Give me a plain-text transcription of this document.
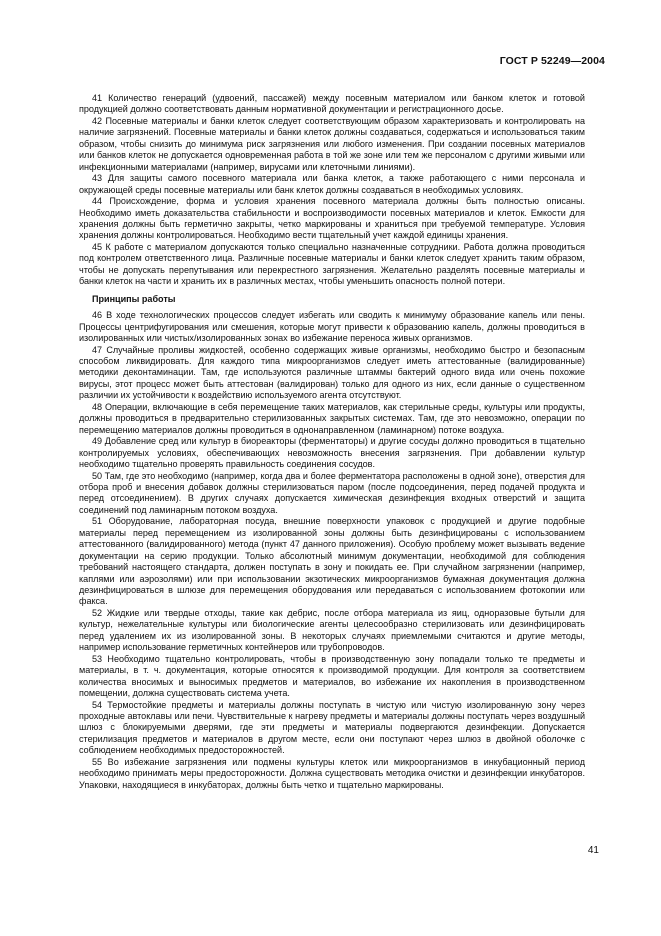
ГОСТ Р 52249—2004

41 Количество генераций (удвоений, пассажей) между посевным материалом или банком клеток и готовой продукцией должно соответствовать данным нормативной документации и регистрационного досье.

42 Посевные материалы и банки клеток следует соответствующим образом характеризовать и контролировать на наличие загрязнений. Посевные материалы и банки клеток должны создаваться, содержаться и использоваться таким образом, чтобы снизить до минимума риск загрязнения или любого изменения. При создании посевных материалов или банков клеток не допускается одновременная работа в той же зоне или тем же персоналом с другими живыми или инфекционными материалами (например, вирусами или клеточными линиями).

43 Для защиты самого посевного материала или банка клеток, а также работающего с ними персонала и окружающей среды посевные материалы или банк клеток должны создаваться в необходимых условиях.

44 Происхождение, форма и условия хранения посевного материала должны быть полностью описаны. Необходимо иметь доказательства стабильности и воспроизводимости посевных материалов и клеток. Емкости для хранения должны быть герметично закрыты, четко маркированы и храниться при требуемой температуре. Условия хранения должны контролироваться. Необходимо вести тщательный учет каждой единицы хранения.

45 К работе с материалом допускаются только специально назначенные сотрудники. Работа должна проводиться под контролем ответственного лица. Различные посевные материалы и банки клеток следует хранить таким образом, чтобы не допускать перепутывания или перекрестного загрязнения. Желательно разделять посевные материалы и банки клеток на части и хранить их в различных местах, чтобы уменьшить опасность полной потери.

Принципы работы

46 В ходе технологических процессов следует избегать или сводить к минимуму образование капель или пены. Процессы центрифугирования или смешения, которые могут привести к образованию капель, должны проводиться в изолированных или чистых/изолированных зонах во избежание переноса живых организмов.

47 Случайные проливы жидкостей, особенно содержащих живые организмы, необходимо быстро и безопасным способом ликвидировать. Для каждого типа микроорганизмов следует иметь аттестованные (валидированные) методики деконтаминации. Там, где используются различные штаммы бактерий одного вида или очень похожие вирусы, этот процесс может быть аттестован (валидирован) только для одного из них, если данные о существенном различии их устойчивости к воздействию используемого агента отсутствуют.

48 Операции, включающие в себя перемещение таких материалов, как стерильные среды, культуры или продукты, должны проводиться в предварительно стерилизованных закрытых системах. Там, где это невозможно, операции по перемещению материалов должны проводиться в однонаправленном (ламинарном) потоке воздуха.

49 Добавление сред или культур в биореакторы (ферментаторы) и другие сосуды должно проводиться в тщательно контролируемых условиях, обеспечивающих невозможность внесения загрязнения. При добавлении культур необходимо тщательно проверять правильность соединения сосудов.

50 Там, где это необходимо (например, когда два и более ферментатора расположены в одной зоне), отверстия для отбора проб и внесения добавок должны стерилизоваться паром (после подсоединения, перед подачей продукта и перед отсоединением). В других случаях допускается химическая дезинфекция входных отверстий и защита соединений под ламинарным потоком воздуха.

51 Оборудование, лабораторная посуда, внешние поверхности упаковок с продукцией и другие подобные материалы перед перемещением из изолированной зоны должны быть дезинфицированы с использованием аттестованного (валидированного) метода (пункт 47 данного приложения). Особую проблему может вызывать ведение документации на серию продукции. Только абсолютный минимум документации, необходимой для соблюдения требований настоящего стандарта, должен поступать в зону и покидать ее. При случайном загрязнении (например, каплями или аэрозолями) или при использовании экзотических микроорганизмов бумажная документация должна дезинфицироваться в шлюзе для перемещения оборудования или передаваться с использованием фотокопии или факса.

52 Жидкие или твердые отходы, такие как дебрис, после отбора материала из яиц, одноразовые бутыли для культур, нежелательные культуры или биологические агенты целесообразно стерилизовать или дезинфицировать перед удалением их из изолированной зоны. В некоторых случаях приемлемыми считаются и другие методы, например использование герметичных контейнеров или трубопроводов.

53 Необходимо тщательно контролировать, чтобы в производственную зону попадали только те предметы и материалы, в т. ч. документация, которые относятся к производимой продукции. Для контроля за соответствием количества вносимых и выносимых предметов и материалов, во избежание их накопления в производственном помещении, должна существовать система учета.

54 Термостойкие предметы и материалы должны поступать в чистую или чистую изолированную зону через проходные автоклавы или печи. Чувствительные к нагреву предметы и материалы должны поступать через воздушный шлюз с блокируемыми дверями, где эти предметы и материалы подвергаются дезинфекции. Допускается стерилизация предметов и материалов в другом месте, если они поступают через шлюз в двойной оболочке с соблюдением необходимых предосторожностей.

55 Во избежание загрязнения или подмены культуры клеток или микроорганизмов в инкубационный период необходимо принимать меры предосторожности. Должна существовать методика очистки и дезинфекции инкубаторов. Упаковки, находящиеся в инкубаторах, должны быть четко и тщательно маркированы.

41
